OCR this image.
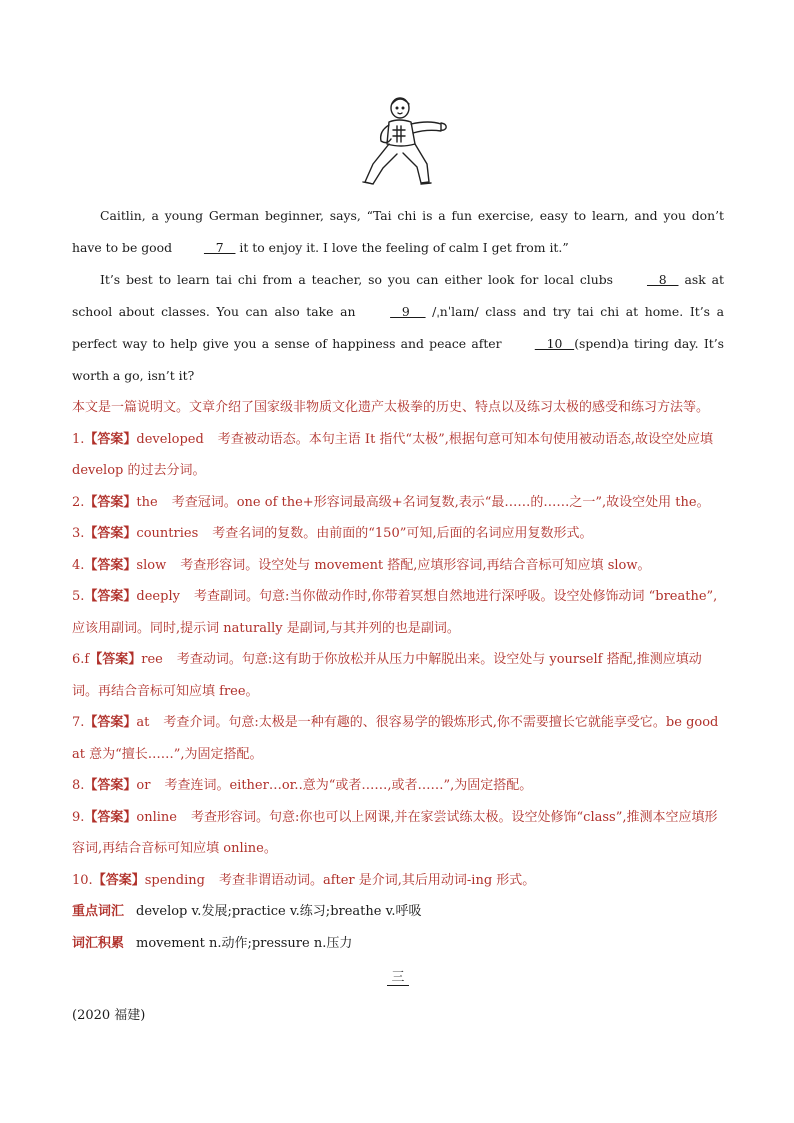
Caitlin, a young German beginner, says, “Tai chi is a fun exercise, easy to learn, and you don’t have to be good    7    it to enjoy it. I love the feeling of calm I get from it.”

It’s best to learn tai chi from a teacher, so you can either look for local clubs    8    ask at school about classes. You can also take an    9     /ˌnˈlaɪn/ class and try tai chi at home. It’s a perfect way to help give you a sense of happiness and peace after    10   (spend)a tiring day. It’s worth a go, isn’t it?

本文是一篇说明文。文章介绍了国家级非物质文化遗产太极拳的历史、特点以及练习太极的感受和练习方法等。

1.【答案】developed 考查被动语态。本句主语 It 指代“太极”,根据句意可知本句使用被动语态,故设空处应填 develop 的过去分词。

2.【答案】the 考查冠词。one of the+形容词最高级+名词复数,表示“最……的……之一”,故设空处用 the。

3.【答案】countries 考查名词的复数。由前面的“150”可知,后面的名词应用复数形式。

4.【答案】slow 考查形容词。设空处与 movement 搭配,应填形容词,再结合音标可知应填 slow。

5.【答案】deeply 考查副词。句意:当你做动作时,你带着冥想自然地进行深呼吸。设空处修饰动词 “breathe”,应该用副词。同时,提示词 naturally 是副词,与其并列的也是副词。

6.f【答案】ree 考查动词。句意:这有助于你放松并从压力中解脱出来。设空处与 yourself 搭配,推测应填动词。再结合音标可知应填 free。

7.【答案】at 考查介词。句意:太极是一种有趣的、很容易学的锻炼形式,你不需要擅长它就能享受它。be good at 意为“擅长……”,为固定搭配。

8.【答案】or 考查连词。either…or..意为“或者……,或者……”,为固定搭配。

9.【答案】online 考查形容词。句意:你也可以上网课,并在家尝试练太极。设空处修饰“class”,推测本空应填形容词,再结合音标可知应填 online。

10.【答案】spending 考查非谓语动词。after 是介词,其后用动词-ing 形式。

重点词汇 develop v.发展;practice v.练习;breathe v.呼吸

词汇积累 movement n.动作;pressure n.压力

三

(2020 福建)
